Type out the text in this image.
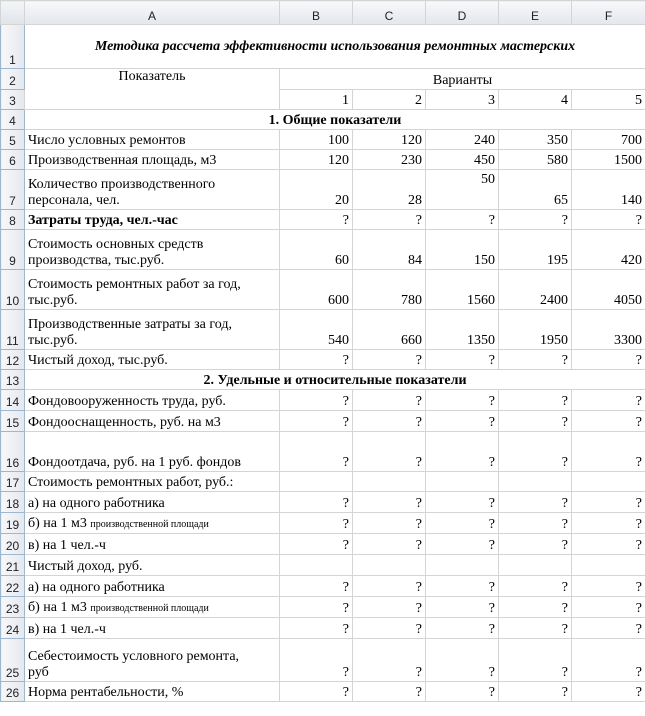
	A	B	C	D	E	F
1	Методика рассчета эффективности использования ремонтных мастерских					
2	Показатель	Варианты				
3		1	2	3	4	5
4	1. Общие показатели					
5	Число условных ремонтов	100	120	240	350	700
6	Производственная площадь, м3	120	230	450	580	1500
7	Количество производственного
персонала, чел.	20	28	50	65	140
8	Затраты труда, чел.-час	?	?	?	?	?
9	Стоимость основных средств
производства, тыс.руб.	60	84	150	195	420
10	Стоимость ремонтных работ за год,
тыс.руб.	600	780	1560	2400	4050
11	Производственные затраты за год,
тыс.руб.	540	660	1350	1950	3300
12	Чистый доход, тыс.руб.	?	?	?	?	?
13	2. Удельные и относительные показатели					
14	Фондовооруженность труда, руб.	?	?	?	?	?
15	Фондооснащенность, руб. на м3	?	?	?	?	?
16	Фондоотдача, руб. на 1 руб. фондов	?	?	?	?	?
17	Стоимость ремонтных работ, руб.:					
18	а) на одного работника	?	?	?	?	?
19	б) на 1 м3 производственной площади	?	?	?	?	?
20	в) на 1 чел.-ч	?	?	?	?	?
21	Чистый доход, руб.					
22	а) на одного работника	?	?	?	?	?
23	б) на 1 м3 производственной площади	?	?	?	?	?
24	в) на 1 чел.-ч	?	?	?	?	?
25	Себестоимость условного ремонта,
руб	?	?	?	?	?
26	Норма рентабельности, %	?	?	?	?	?
